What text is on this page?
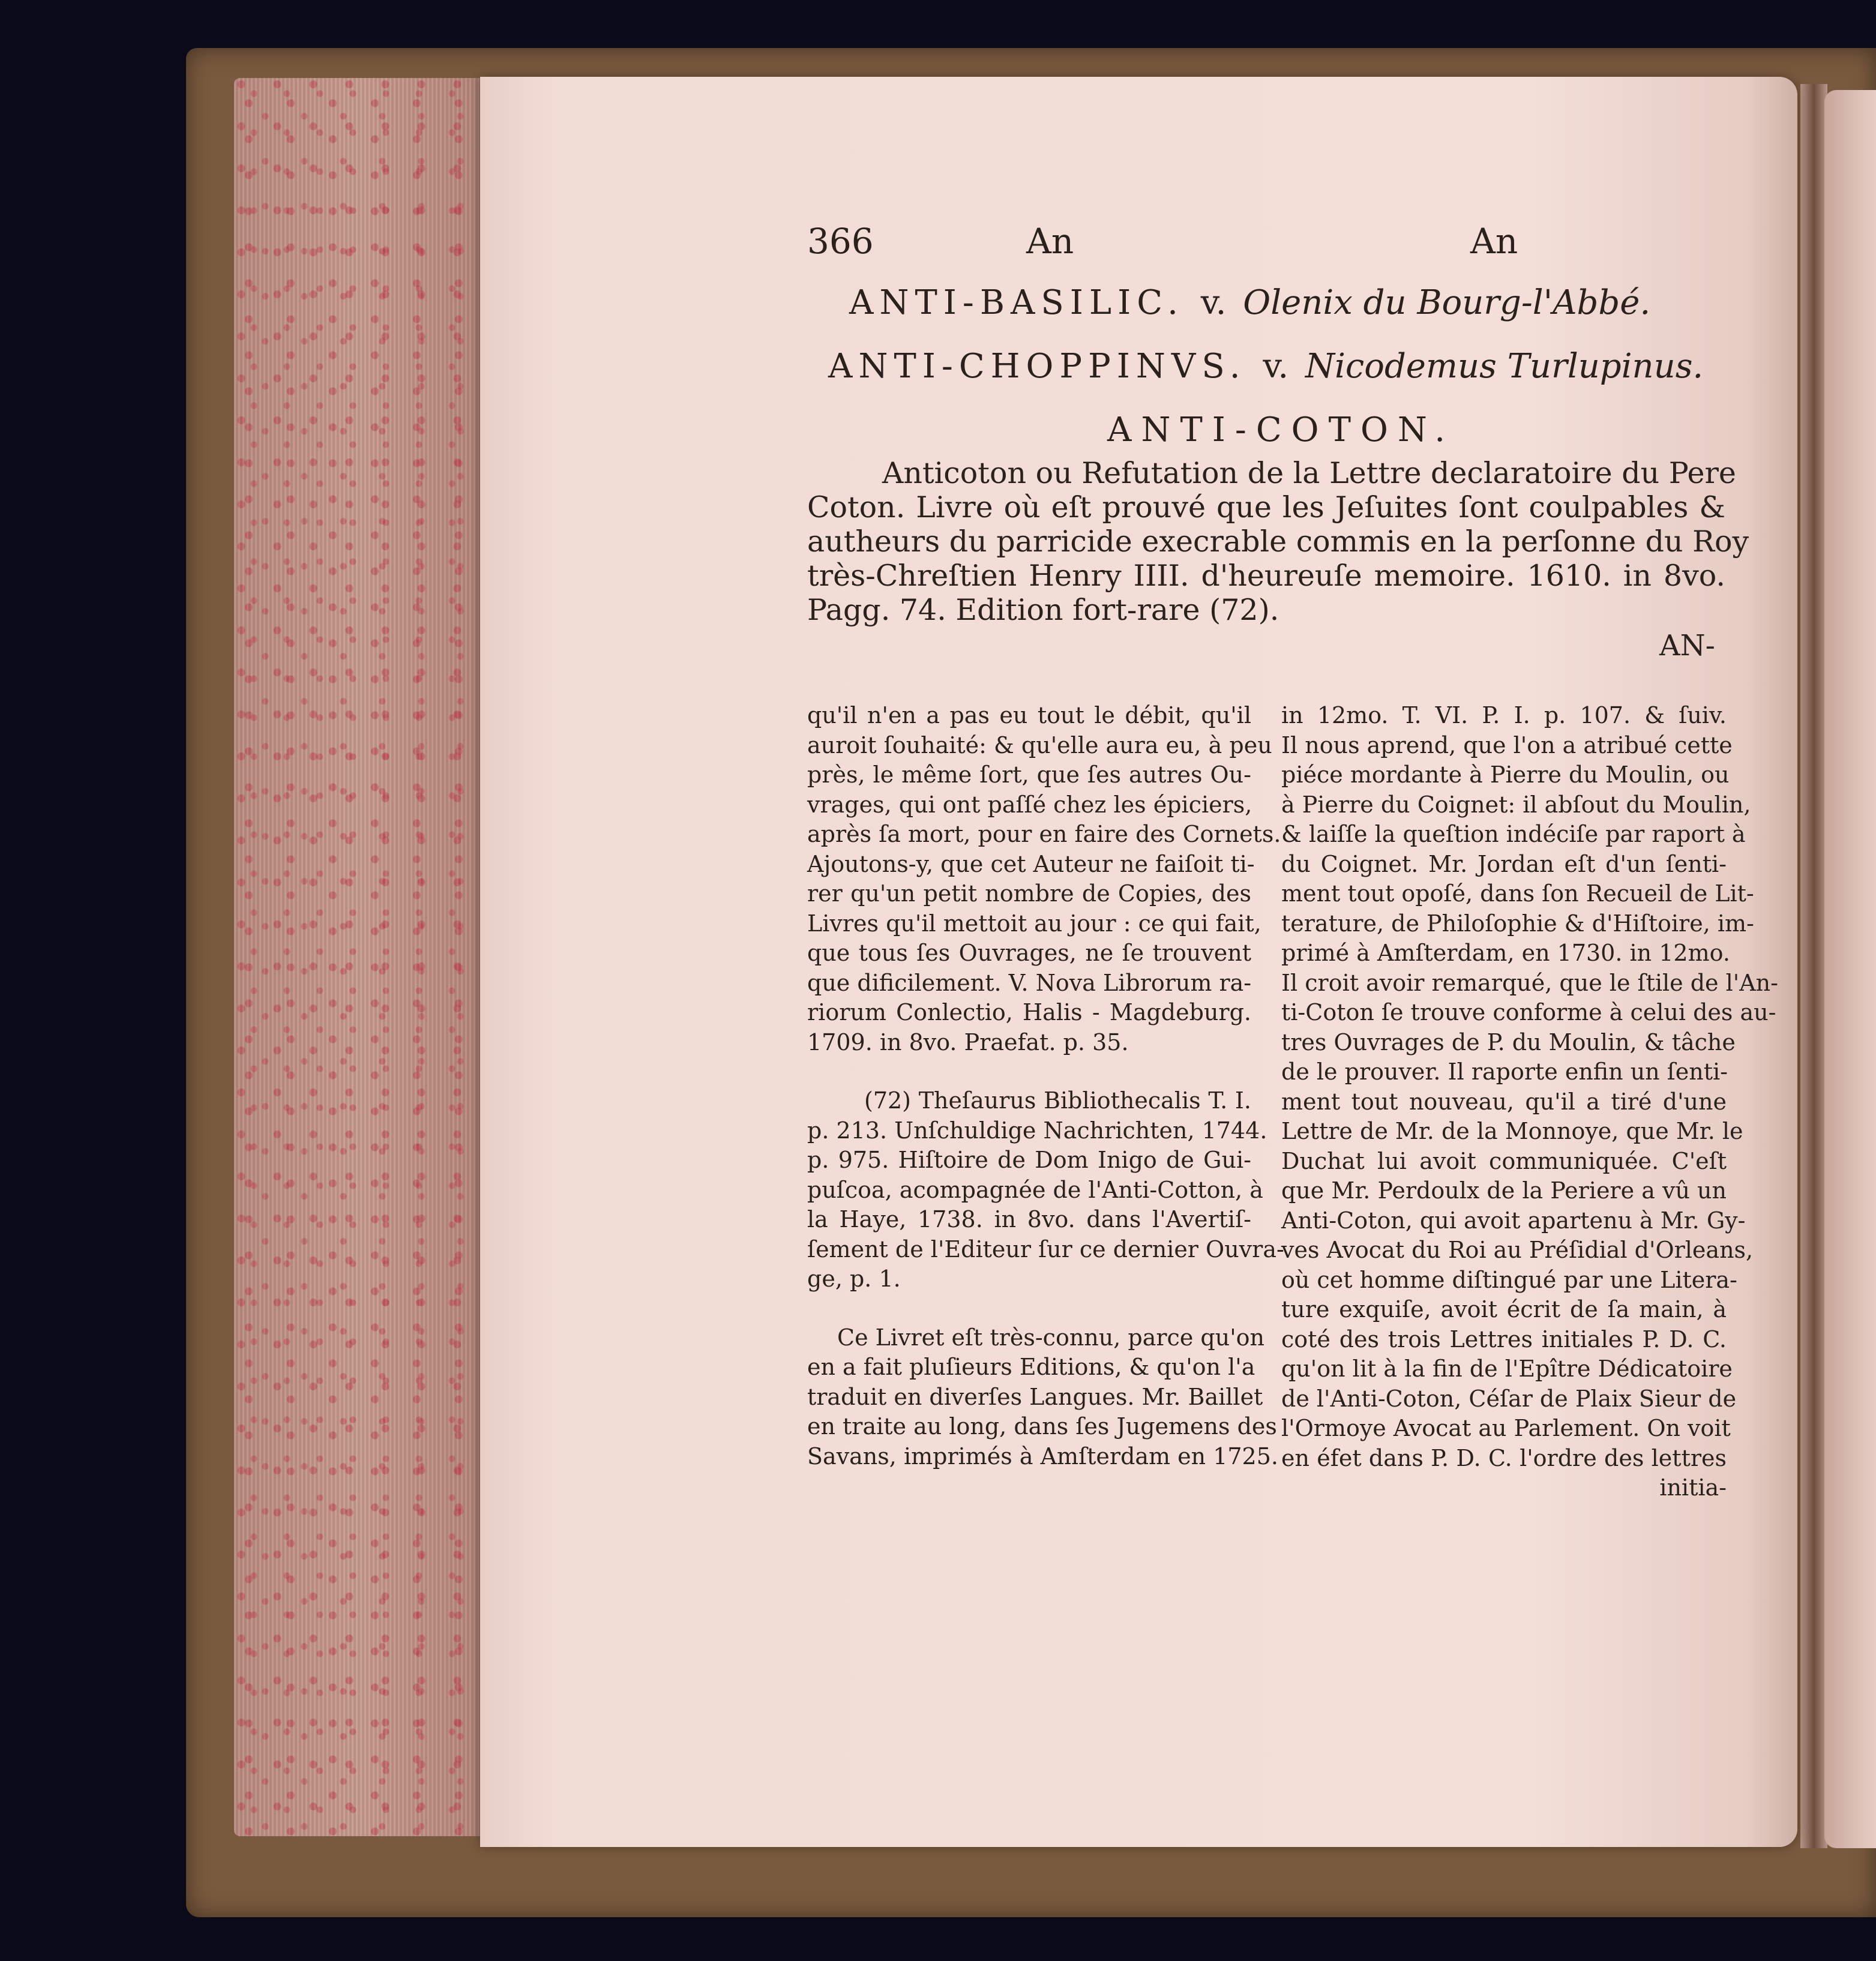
366	An	An
ANTI-BASILIC. v. Olenix du Bourg-l'Abbé.
ANTI-CHOPPINVS. v. Nicodemus Turlupinus.
ANTI-COTON.
Anticoton ou Refutation de la Lettre declaratoire du Pere
Coton. Livre où eſt prouvé que les Jeſuites ſont coulpables &
autheurs du parricide execrable commis en la perſonne du Roy
très-Chreſtien Henry IIII. d'heureuſe memoire. 1610. in 8vo.
Pagg. 74. Edition fort-rare (72).
AN-
qu'il n'en a pas eu tout le débit, qu'il
auroit ſouhaité: & qu'elle aura eu, à peu
près, le même ſort, que ſes autres Ou-
vrages, qui ont paſſé chez les épiciers,
après ſa mort, pour en faire des Cornets.
Ajoutons-y, que cet Auteur ne faiſoit ti-
rer qu'un petit nombre de Copies, des
Livres qu'il mettoit au jour : ce qui fait,
que tous ſes Ouvrages, ne ſe trouvent
que dificilement. V. Nova Librorum ra-
riorum Conlectio, Halis - Magdeburg.
1709. in 8vo. Praefat. p. 35.
(72) Theſaurus Bibliothecalis T. I.
p. 213. Unſchuldige Nachrichten, 1744.
p. 975. Hiſtoire de Dom Inigo de Gui-
puſcoa, acompagnée de l'Anti-Cotton, à
la Haye, 1738. in 8vo. dans l'Avertiſ-
ſement de l'Editeur ſur ce dernier Ouvra-
ge, p. 1.
Ce Livret eſt très-connu, parce qu'on
en a fait pluſieurs Editions, & qu'on l'a
traduit en diverſes Langues. Mr. Baillet
en traite au long, dans ſes Jugemens des
Savans, imprimés à Amſterdam en 1725.
in 12mo. T. VI. P. I. p. 107. & ſuiv.
Il nous aprend, que l'on a atribué cette
piéce mordante à Pierre du Moulin, ou
à Pierre du Coignet: il abſout du Moulin,
& laiſſe la queſtion indéciſe par raport à
du Coignet. Mr. Jordan eſt d'un ſenti-
ment tout opoſé, dans ſon Recueil de Lit-
terature, de Philoſophie & d'Hiſtoire, im-
primé à Amſterdam, en 1730. in 12mo.
Il croit avoir remarqué, que le ſtile de l'An-
ti-Coton ſe trouve conforme à celui des au-
tres Ouvrages de P. du Moulin, & tâche
de le prouver. Il raporte enfin un ſenti-
ment tout nouveau, qu'il a tiré d'une
Lettre de Mr. de la Monnoye, que Mr. le
Duchat lui avoit communiquée. C'eſt
que Mr. Perdoulx de la Periere a vû un
Anti-Coton, qui avoit apartenu à Mr. Gy-
ves Avocat du Roi au Préſidial d'Orleans,
où cet homme diſtingué par une Litera-
ture exquiſe, avoit écrit de ſa main, à
coté des trois Lettres initiales P. D. C.
qu'on lit à la fin de l'Epître Dédicatoire
de l'Anti-Coton, Céſar de Plaix Sieur de
l'Ormoye Avocat au Parlement. On voit
en éfet dans P. D. C. l'ordre des lettres
initia-
